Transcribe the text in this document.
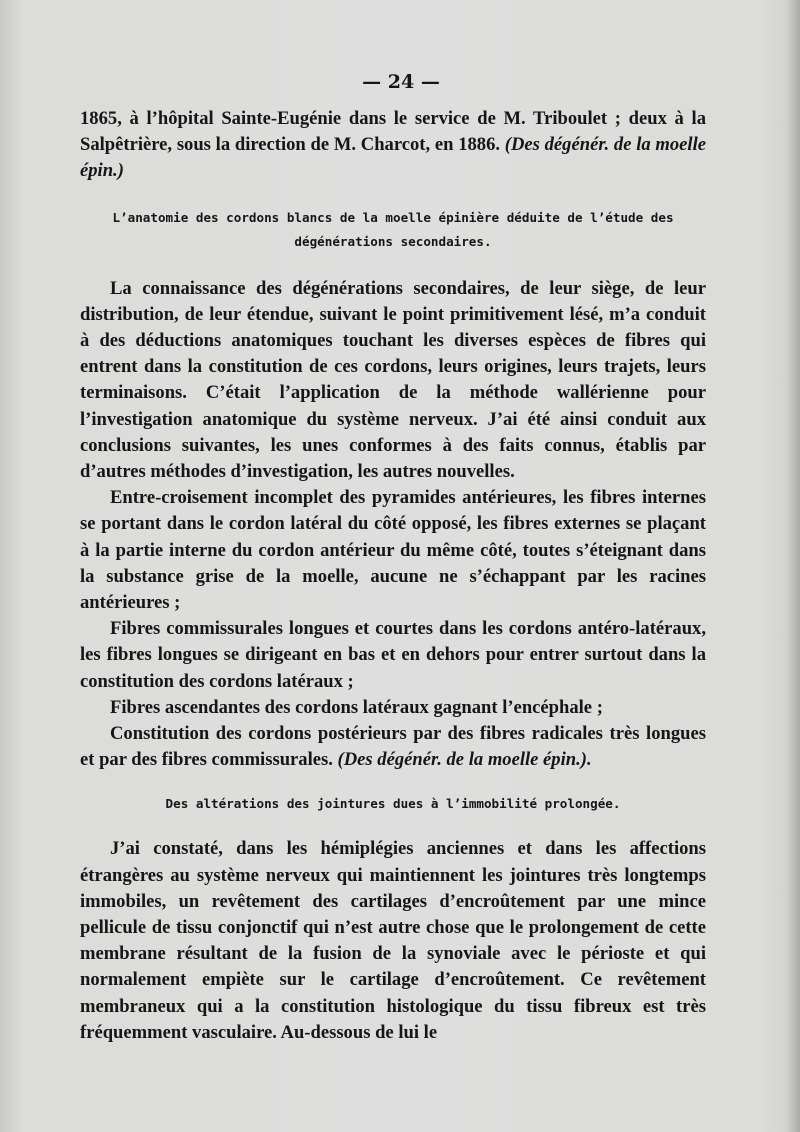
— 24 —

1865, à l’hôpital Sainte-Eugénie dans le service de M. Triboulet ; deux à la Salpêtrière, sous la direction de M. Charcot, en 1886. (Des dégénér. de la moelle épin.)

L’anatomie des cordons blancs de la moelle épinière déduite de l’étude des dégénérations secondaires.

La connaissance des dégénérations secondaires, de leur siège, de leur distribution, de leur étendue, suivant le point primitivement lésé, m’a conduit à des déductions anatomiques touchant les diverses espèces de fibres qui entrent dans la constitution de ces cordons, leurs origines, leurs trajets, leurs terminaisons. C’était l’application de la méthode wallérienne pour l’investigation anatomique du système nerveux. J’ai été ainsi conduit aux conclusions suivantes, les unes conformes à des faits connus, établis par d’autres méthodes d’investigation, les autres nouvelles.

Entre-croisement incomplet des pyramides antérieures, les fibres internes se portant dans le cordon latéral du côté opposé, les fibres externes se plaçant à la partie interne du cordon antérieur du même côté, toutes s’éteignant dans la substance grise de la moelle, aucune ne s’échappant par les racines antérieures ;

Fibres commissurales longues et courtes dans les cordons antéro-latéraux, les fibres longues se dirigeant en bas et en dehors pour entrer surtout dans la constitution des cordons latéraux ;

Fibres ascendantes des cordons latéraux gagnant l’encéphale ;

Constitution des cordons postérieurs par des fibres radicales très longues et par des fibres commissurales. (Des dégénér. de la moelle épin.).

Des altérations des jointures dues à l’immobilité prolongée.

J’ai constaté, dans les hémiplégies anciennes et dans les affections étrangères au système nerveux qui maintiennent les jointures très longtemps immobiles, un revêtement des cartilages d’encroûtement par une mince pellicule de tissu conjonctif qui n’est autre chose que le prolongement de cette membrane résultant de la fusion de la synoviale avec le périoste et qui normalement empiète sur le cartilage d’encroûtement. Ce revêtement membraneux qui a la constitution histologique du tissu fibreux est très fréquemment vasculaire. Au-dessous de lui le
